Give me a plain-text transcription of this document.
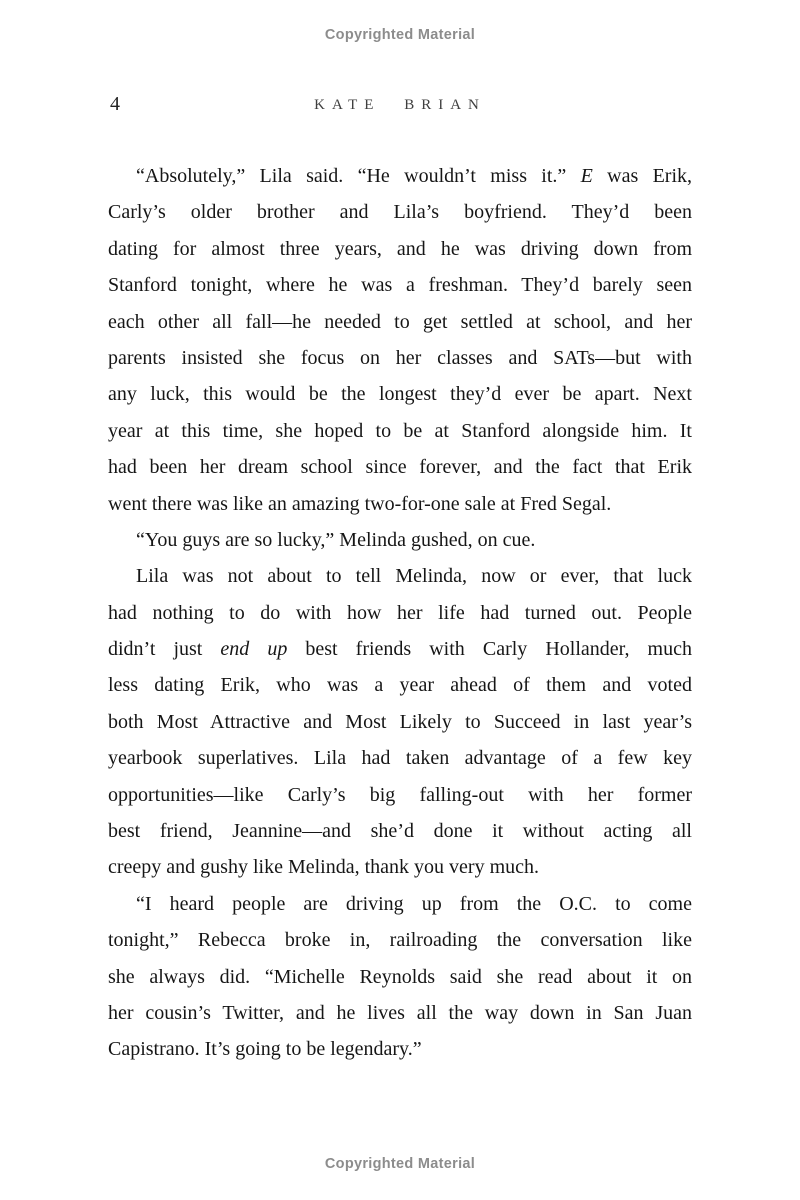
Copyrighted Material
4	KATE BRIAN
“Absolutely,” Lila said. “He wouldn’t miss it.” E was Erik,
Carly’s older brother and Lila’s boyfriend. They’d been
dating for almost three years, and he was driving down from
Stanford tonight, where he was a freshman. They’d barely seen
each other all fall—he needed to get settled at school, and her
parents insisted she focus on her classes and SATs—but with
any luck, this would be the longest they’d ever be apart. Next
year at this time, she hoped to be at Stanford alongside him. It
had been her dream school since forever, and the fact that Erik
went there was like an amazing two-for-one sale at Fred Segal.
“You guys are so lucky,” Melinda gushed, on cue.
Lila was not about to tell Melinda, now or ever, that luck
had nothing to do with how her life had turned out. People
didn’t just end up best friends with Carly Hollander, much
less dating Erik, who was a year ahead of them and voted
both Most Attractive and Most Likely to Succeed in last year’s
yearbook superlatives. Lila had taken advantage of a few key
opportunities—like Carly’s big falling-out with her former
best friend, Jeannine—and she’d done it without acting all
creepy and gushy like Melinda, thank you very much.
“I heard people are driving up from the O.C. to come
tonight,” Rebecca broke in, railroading the conversation like
she always did. “Michelle Reynolds said she read about it on
her cousin’s Twitter, and he lives all the way down in San Juan
Capistrano. It’s going to be legendary.”
Copyrighted Material
